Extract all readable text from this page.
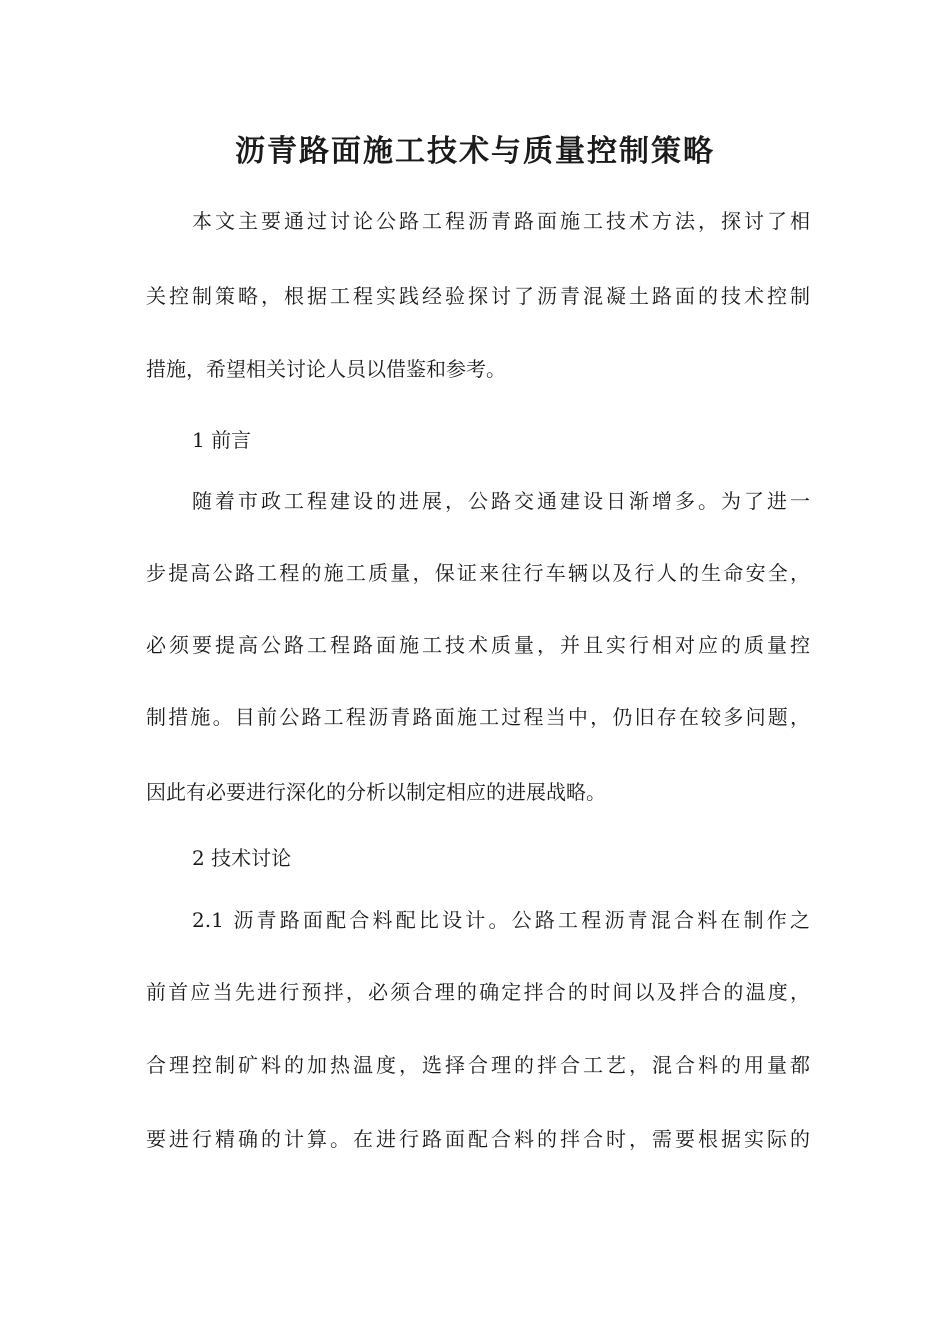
沥青路面施工技术与质量控制策略
本文主要通过讨论公路工程沥青路面施工技术方法，探讨了相
关控制策略，根据工程实践经验探讨了沥青混凝土路面的技术控制
措施，希望相关讨论人员以借鉴和参考。
1 前言
随着市政工程建设的进展，公路交通建设日渐增多。为了进一
步提高公路工程的施工质量，保证来往行车辆以及行人的生命安全，
必须要提高公路工程路面施工技术质量，并且实行相对应的质量控
制措施。目前公路工程沥青路面施工过程当中，仍旧存在较多问题，
因此有必要进行深化的分析以制定相应的进展战略。
2 技术讨论
2.1 沥青路面配合料配比设计。公路工程沥青混合料在制作之
前首应当先进行预拌，必须合理的确定拌合的时间以及拌合的温度，
合理控制矿料的加热温度，选择合理的拌合工艺，混合料的用量都
要进行精确的计算。在进行路面配合料的拌合时，需要根据实际的
